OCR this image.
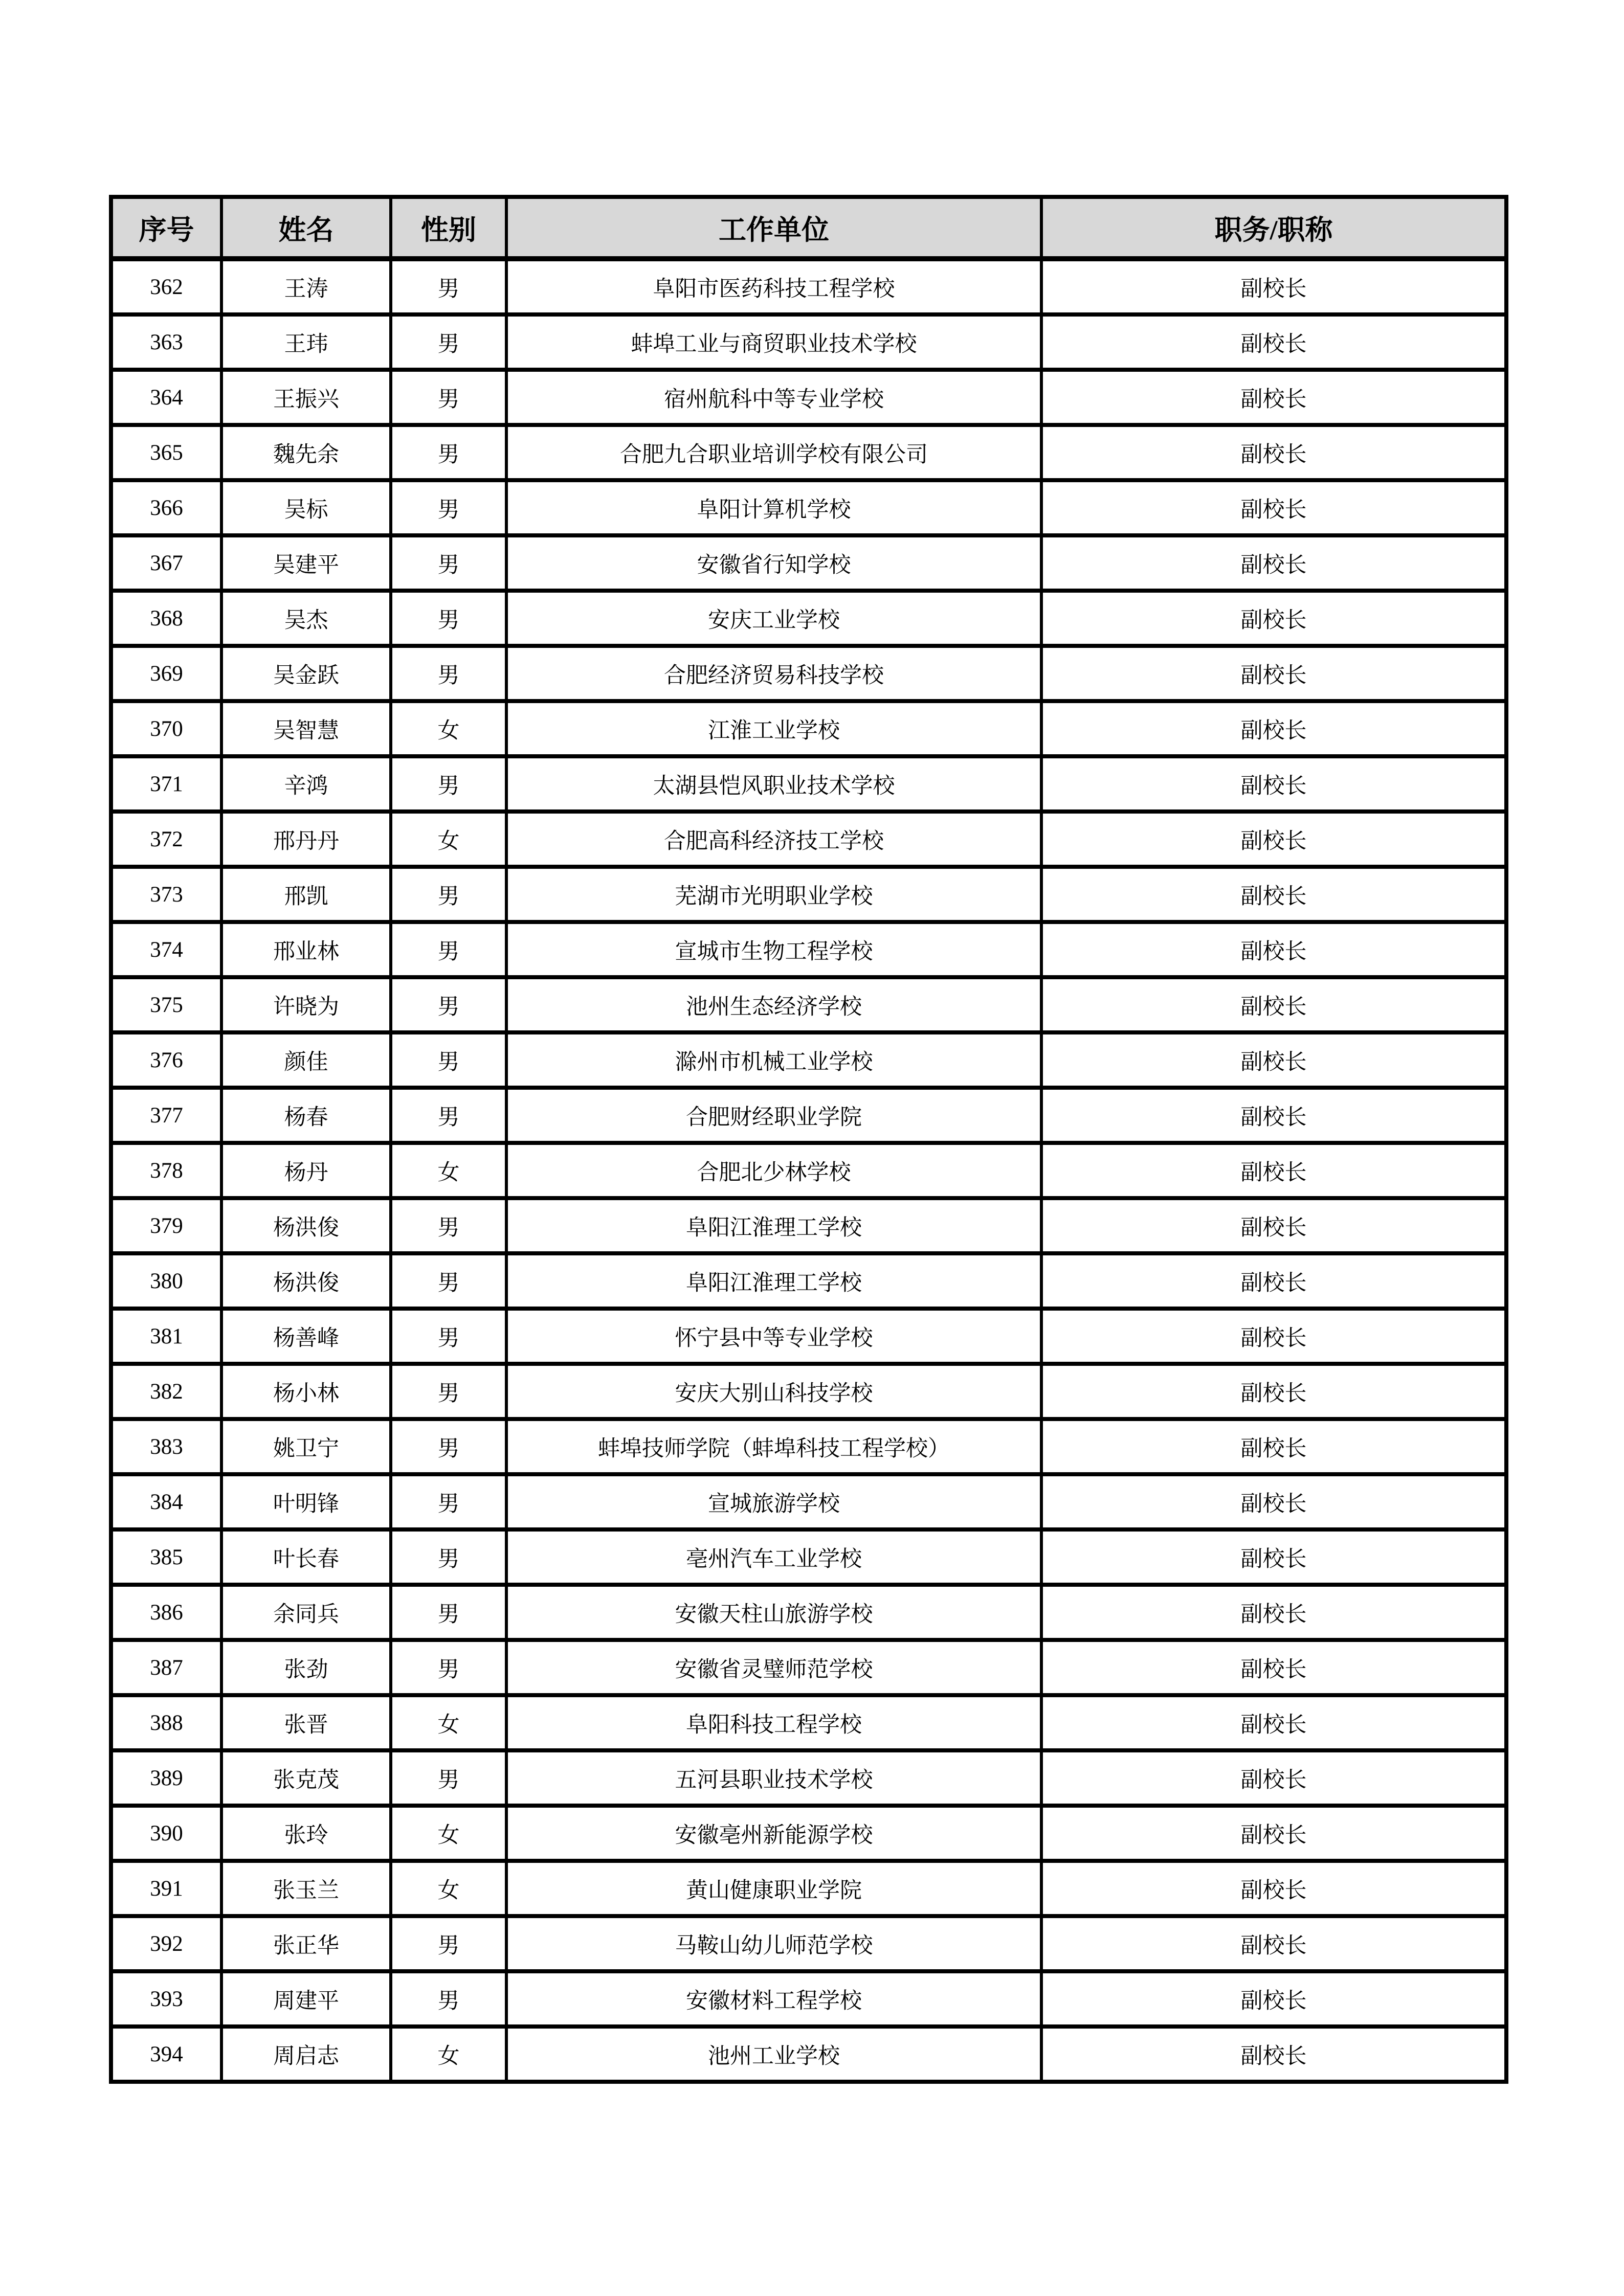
序号	姓名	性别	工作单位	职务/职称
362	王涛	男	阜阳市医药科技工程学校	副校长
363	王玮	男	蚌埠工业与商贸职业技术学校	副校长
364	王振兴	男	宿州航科中等专业学校	副校长
365	魏先余	男	合肥九合职业培训学校有限公司	副校长
366	吴标	男	阜阳计算机学校	副校长
367	吴建平	男	安徽省行知学校	副校长
368	吴杰	男	安庆工业学校	副校长
369	吴金跃	男	合肥经济贸易科技学校	副校长
370	吴智慧	女	江淮工业学校	副校长
371	辛鸿	男	太湖县恺风职业技术学校	副校长
372	邢丹丹	女	合肥高科经济技工学校	副校长
373	邢凯	男	芜湖市光明职业学校	副校长
374	邢业林	男	宣城市生物工程学校	副校长
375	许晓为	男	池州生态经济学校	副校长
376	颜佳	男	滁州市机械工业学校	副校长
377	杨春	男	合肥财经职业学院	副校长
378	杨丹	女	合肥北少林学校	副校长
379	杨洪俊	男	阜阳江淮理工学校	副校长
380	杨洪俊	男	阜阳江淮理工学校	副校长
381	杨善峰	男	怀宁县中等专业学校	副校长
382	杨小林	男	安庆大别山科技学校	副校长
383	姚卫宁	男	蚌埠技师学院（蚌埠科技工程学校）	副校长
384	叶明锋	男	宣城旅游学校	副校长
385	叶长春	男	亳州汽车工业学校	副校长
386	余同兵	男	安徽天柱山旅游学校	副校长
387	张劲	男	安徽省灵璧师范学校	副校长
388	张晋	女	阜阳科技工程学校	副校长
389	张克茂	男	五河县职业技术学校	副校长
390	张玲	女	安徽亳州新能源学校	副校长
391	张玉兰	女	黄山健康职业学院	副校长
392	张正华	男	马鞍山幼儿师范学校	副校长
393	周建平	男	安徽材料工程学校	副校长
394	周启志	女	池州工业学校	副校长
